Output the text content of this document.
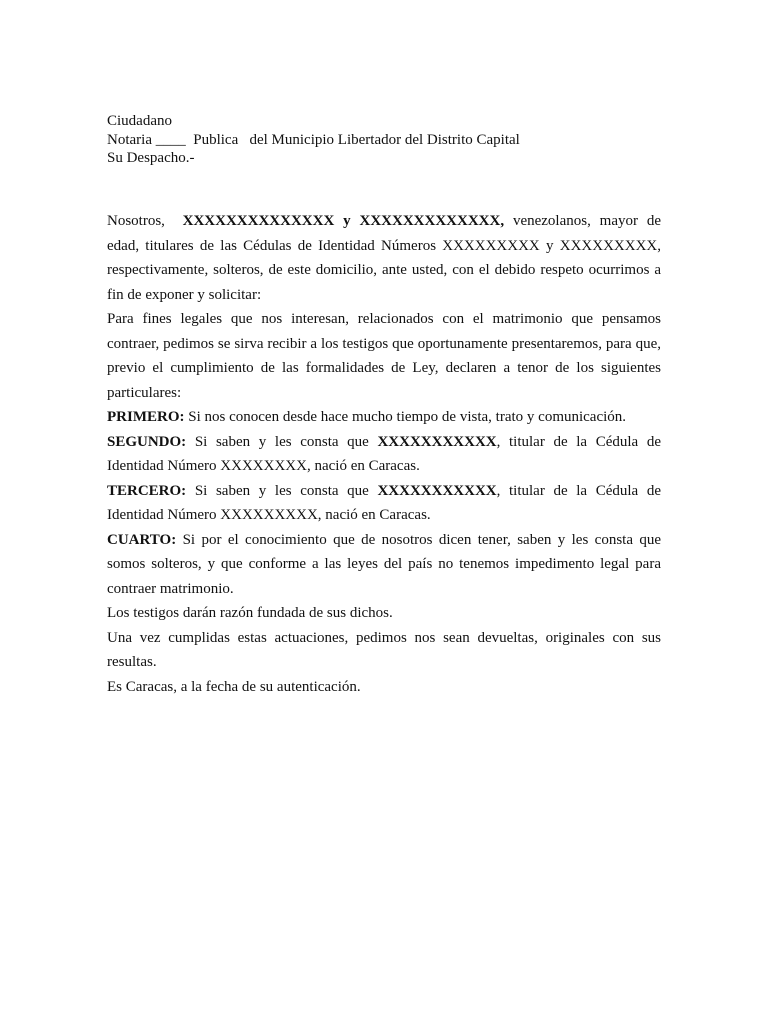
Ciudadano
Notaria ____  Publica   del Municipio Libertador del Distrito Capital
Su Despacho.-

Nosotros, XXXXXXXXXXXXXX y XXXXXXXXXXXXX, venezolanos, mayor de edad, titulares de las Cédulas de Identidad Números XXXXXXXXX y XXXXXXXXX, respectivamente, solteros, de este domicilio, ante usted, con el debido respeto ocurrimos a fin de exponer y solicitar:

Para fines legales que nos interesan, relacionados con el matrimonio que pensamos contraer, pedimos se sirva recibir a los testigos que oportunamente presentaremos, para que, previo el cumplimiento de las formalidades de Ley, declaren a tenor de los siguientes particulares:

PRIMERO: Si nos conocen desde hace mucho tiempo de vista, trato y comunicación.

SEGUNDO: Si saben y les consta que XXXXXXXXXXX, titular de la Cédula de Identidad Número XXXXXXXX, nació en Caracas.

TERCERO: Si saben y les consta que XXXXXXXXXXX, titular de la Cédula de Identidad Número XXXXXXXXX, nació en Caracas.

CUARTO: Si por el conocimiento que de nosotros dicen tener, saben y les consta que somos solteros, y que conforme a las leyes del país no tenemos impedimento legal para contraer matrimonio.

Los testigos darán razón fundada de sus dichos.

Una vez cumplidas estas actuaciones, pedimos nos sean devueltas, originales con sus resultas.

Es Caracas, a la fecha de su autenticación.
